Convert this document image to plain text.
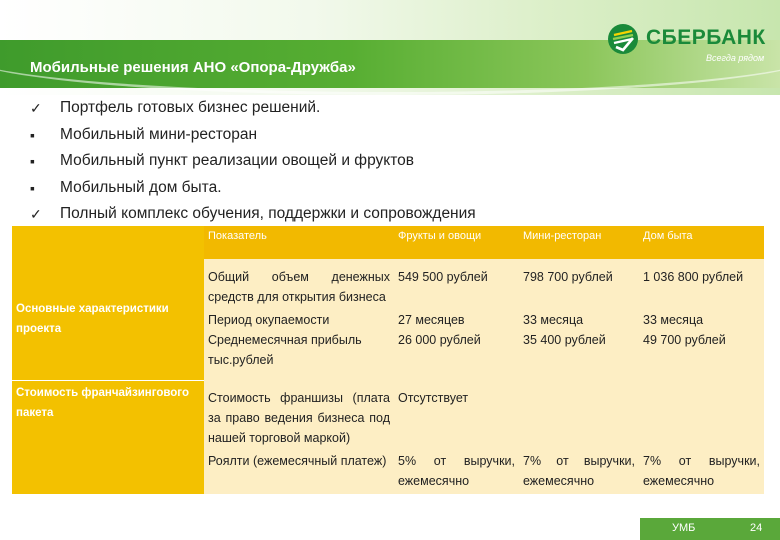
Мобильные решения АНО «Опора-Дружба»
СБЕРБАНК
Всегда рядом
✓	Портфель готовых бизнес решений.
▪	Мобильный мини-ресторан
▪	Мобильный пункт реализации овощей и фруктов
▪	Мобильный дом быта.
✓	Полный комплекс обучения, поддержки и сопровождения
	Показатель	Фрукты и овощи	Мини-ресторан	Дом быта
Основные характеристики проекта	Общий объем денежных средств для открытия бизнеса	549 500 рублей	798 700 рублей	1 036 800 рублей
	Период окупаемости	27 месяцев	33 месяца	33 месяца
	Среднемесячная прибыль тыс.рублей	26 000 рублей	35 400 рублей	49 700 рублей
Стоимость франчайзингового пакета	Стоимость франшизы (плата за право ведения бизнеса под нашей торговой маркой)	Отсутствует		
	Роялти (ежемесячный платеж)	5% от выручки, ежемесячно	7% от выручки, ежемесячно	7% от выручки, ежемесячно
УМБ	24
